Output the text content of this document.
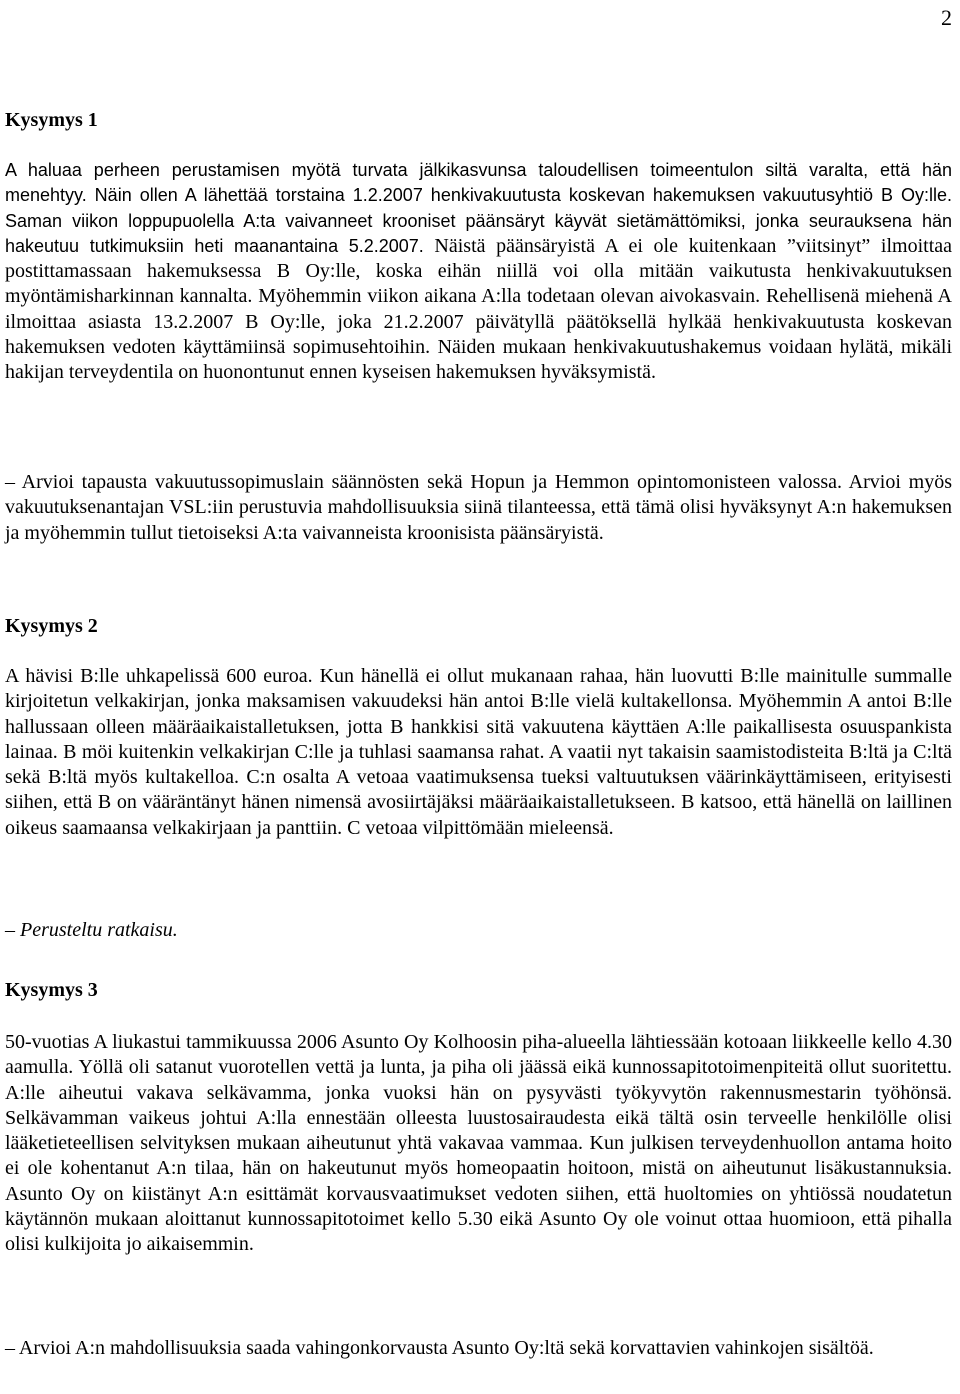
2
Kysymys 1

A haluaa perheen perustamisen myötä turvata jälkikasvunsa taloudellisen toimeentulon siltä varalta, että hän menehtyy. Näin ollen A lähettää torstaina 1.2.2007 henkivakuutusta koskevan hakemuksen vakuutusyhtiö B Oy:lle. Saman viikon loppupuolella A:ta vaivanneet krooniset päänsäryt käyvät sietämättömiksi, jonka seurauksena hän hakeutuu tutkimuksiin heti maanantaina 5.2.2007. Näistä päänsäryistä A ei ole kuitenkaan ”viitsinyt” ilmoittaa postittamassaan hakemuksessa B Oy:lle, koska eihän niillä voi olla mitään vaikutusta henkivakuutuksen myöntämisharkinnan kannalta. Myöhemmin viikon aikana A:lla todetaan olevan aivokasvain. Rehellisenä miehenä A ilmoittaa asiasta 13.2.2007 B Oy:lle, joka 21.2.2007 päivätyllä päätöksellä hylkää henkivakuutusta koskevan hakemuksen vedoten käyttämiinsä sopimusehtoihin. Näiden mukaan henkivakuutushakemus voidaan hylätä, mikäli hakijan terveydentila on huonontunut ennen kyseisen hakemuksen hyväksymistä.

– Arvioi tapausta vakuutussopimuslain säännösten sekä Hopun ja Hemmon opintomonisteen valossa. Arvioi myös vakuutuksenantajan VSL:iin perustuvia mahdollisuuksia siinä tilanteessa, että tämä olisi hyväksynyt A:n hakemuksen ja myöhemmin tullut tietoiseksi A:ta vaivanneista kroonisista päänsäryistä.

Kysymys 2

A hävisi B:lle uhkapelissä 600 euroa. Kun hänellä ei ollut mukanaan rahaa, hän luovutti B:lle mainitulle summalle kirjoitetun velkakirjan, jonka maksamisen vakuudeksi hän antoi B:lle vielä kultakellonsa. Myöhemmin A antoi B:lle hallussaan olleen määräaikaistalletuksen, jotta B hankkisi sitä vakuutena käyttäen A:lle paikallisesta osuuspankista lainaa. B möi kuitenkin velkakirjan C:lle ja tuhlasi saamansa rahat. A vaatii nyt takaisin saamistodisteita B:ltä ja C:ltä sekä B:ltä myös kultakelloa. C:n osalta A vetoaa vaatimuksensa tueksi valtuutuksen väärinkäyttämiseen, erityisesti siihen, että B on vääräntänyt hänen nimensä avosiirtäjäksi määräaikaistalletukseen. B katsoo, että hänellä on laillinen oikeus saamaansa velkakirjaan ja panttiin. C vetoaa vilpittömään mieleensä.

– Perusteltu ratkaisu.

Kysymys 3

50-vuotias A liukastui tammikuussa 2006 Asunto Oy Kolhoosin piha-alueella lähtiessään kotoaan liikkeelle kello 4.30 aamulla. Yöllä oli satanut vuorotellen vettä ja lunta, ja piha oli jäässä eikä kunnossapitotoimenpiteitä ollut suoritettu. A:lle aiheutui vakava selkävamma, jonka vuoksi hän on pysyvästi työkyvytön rakennusmestarin työhönsä. Selkävamman vaikeus johtui A:lla ennestään olleesta luustosairaudesta eikä tältä osin terveelle henkilölle olisi lääketieteellisen selvityksen mukaan aiheutunut yhtä vakavaa vammaa. Kun julkisen terveydenhuollon antama hoito ei ole kohentanut A:n tilaa, hän on hakeutunut myös homeopaatin hoitoon, mistä on aiheutunut lisäkustannuksia. Asunto Oy on kiistänyt A:n esittämät korvausvaatimukset vedoten siihen, että huoltomies on yhtiössä noudatetun käytännön mukaan aloittanut kunnossapitotoimet kello 5.30 eikä Asunto Oy ole voinut ottaa huomioon, että pihalla olisi kulkijoita jo aikaisemmin.

– Arvioi A:n mahdollisuuksia saada vahingonkorvausta Asunto Oy:ltä sekä korvattavien vahinkojen sisältöä.
